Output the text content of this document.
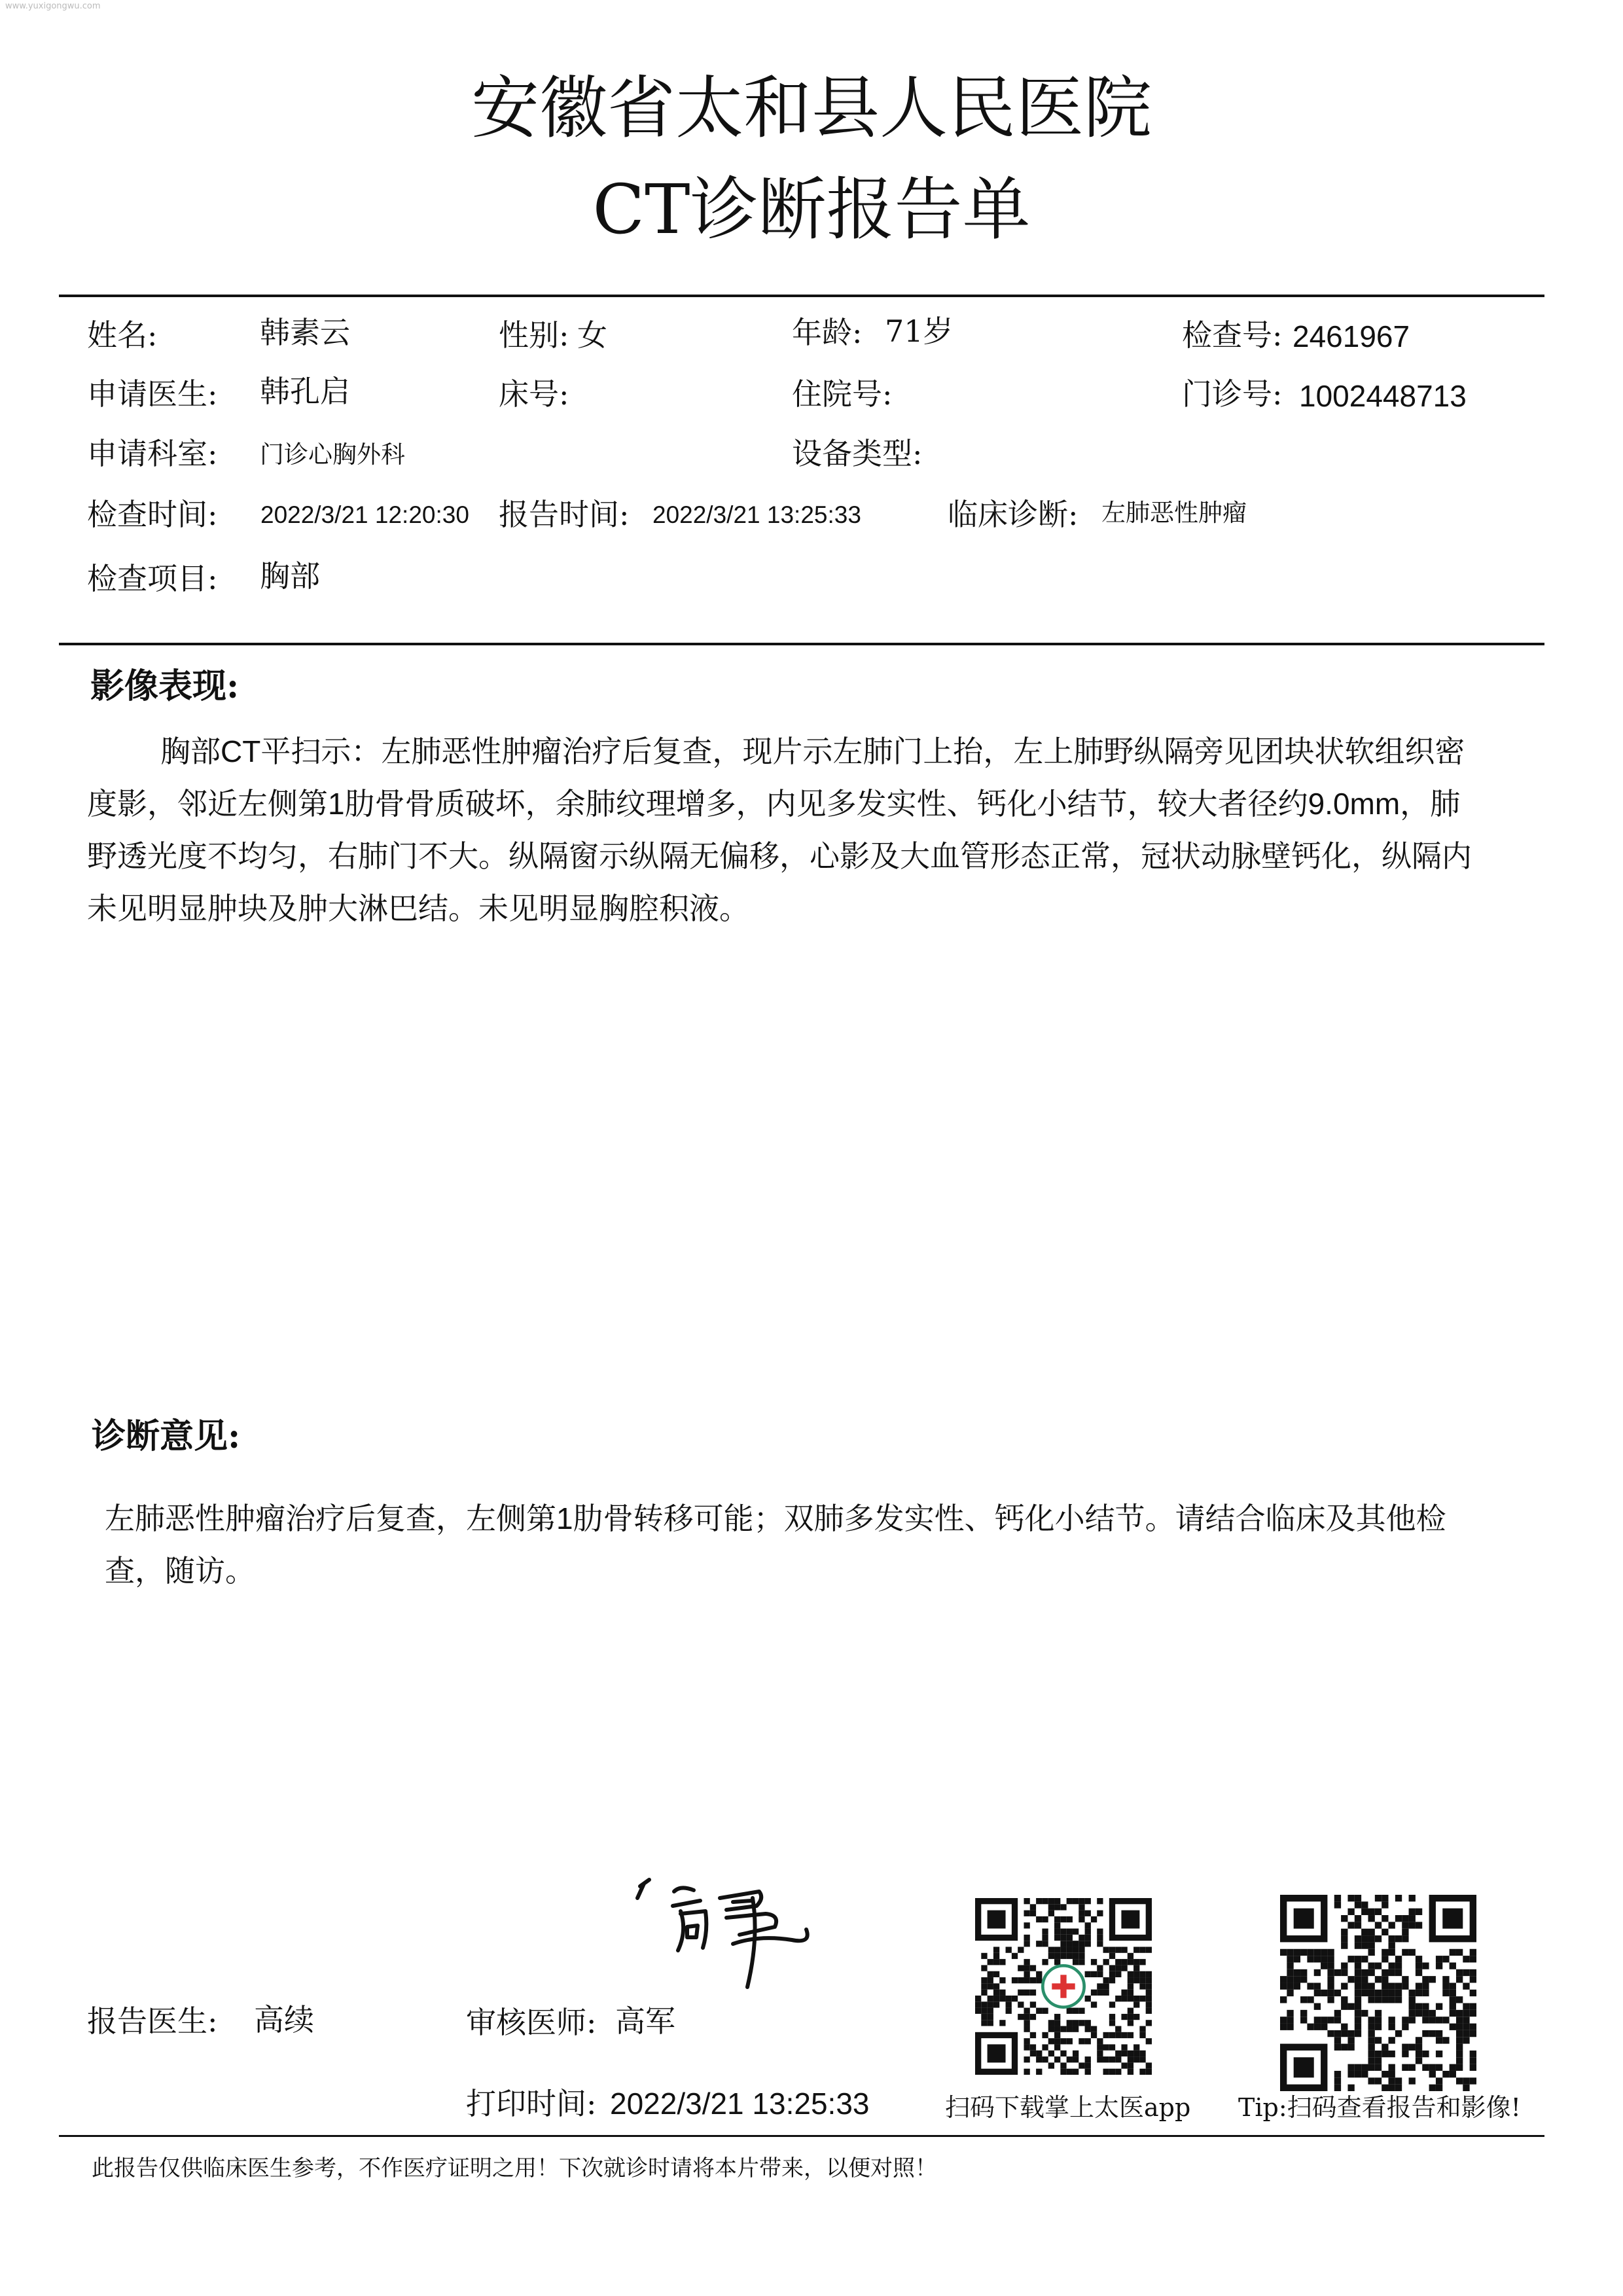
www.yuxigongwu.com
安徽省太和县人民医院
CT诊断报告单
姓名:	韩素云	性别: 女	年龄: 71岁	检查号: 2461967
申请医生: 韩孔启	床号:	住院号:	门诊号: 1002448713
申请科室: 门诊心胸外科	设备类型:
检查时间: 2022/3/21 12:20:30 报告时间: 2022/3/21 13:25:33	临床诊断: 左肺恶性肿瘤
检查项目: 胸部
影像表现:
胸部CT平扫示：左肺恶性肿瘤治疗后复查，现片示左肺门上抬，左上肺野纵隔旁见团块状软组织密
度影，邻近左侧第1肋骨骨质破坏，余肺纹理增多，内见多发实性、钙化小结节，较大者径约9.0mm，肺
野透光度不均匀，右肺门不大。纵隔窗示纵隔无偏移，心影及大血管形态正常，冠状动脉壁钙化，纵隔内
未见明显肿块及肿大淋巴结。未见明显胸腔积液。
诊断意见:
左肺恶性肿瘤治疗后复查，左侧第1肋骨转移可能；双肺多发实性、钙化小结节。请结合临床及其他检
查，随访。
报告医生: 高续	审核医师: 高军
打印时间: 2022/3/21 13:25:33	扫码下载掌上太医app Tip:扫码查看报告和影像!
此报告仅供临床医生参考，不作医疗证明之用！下次就诊时请将本片带来，以便对照！
